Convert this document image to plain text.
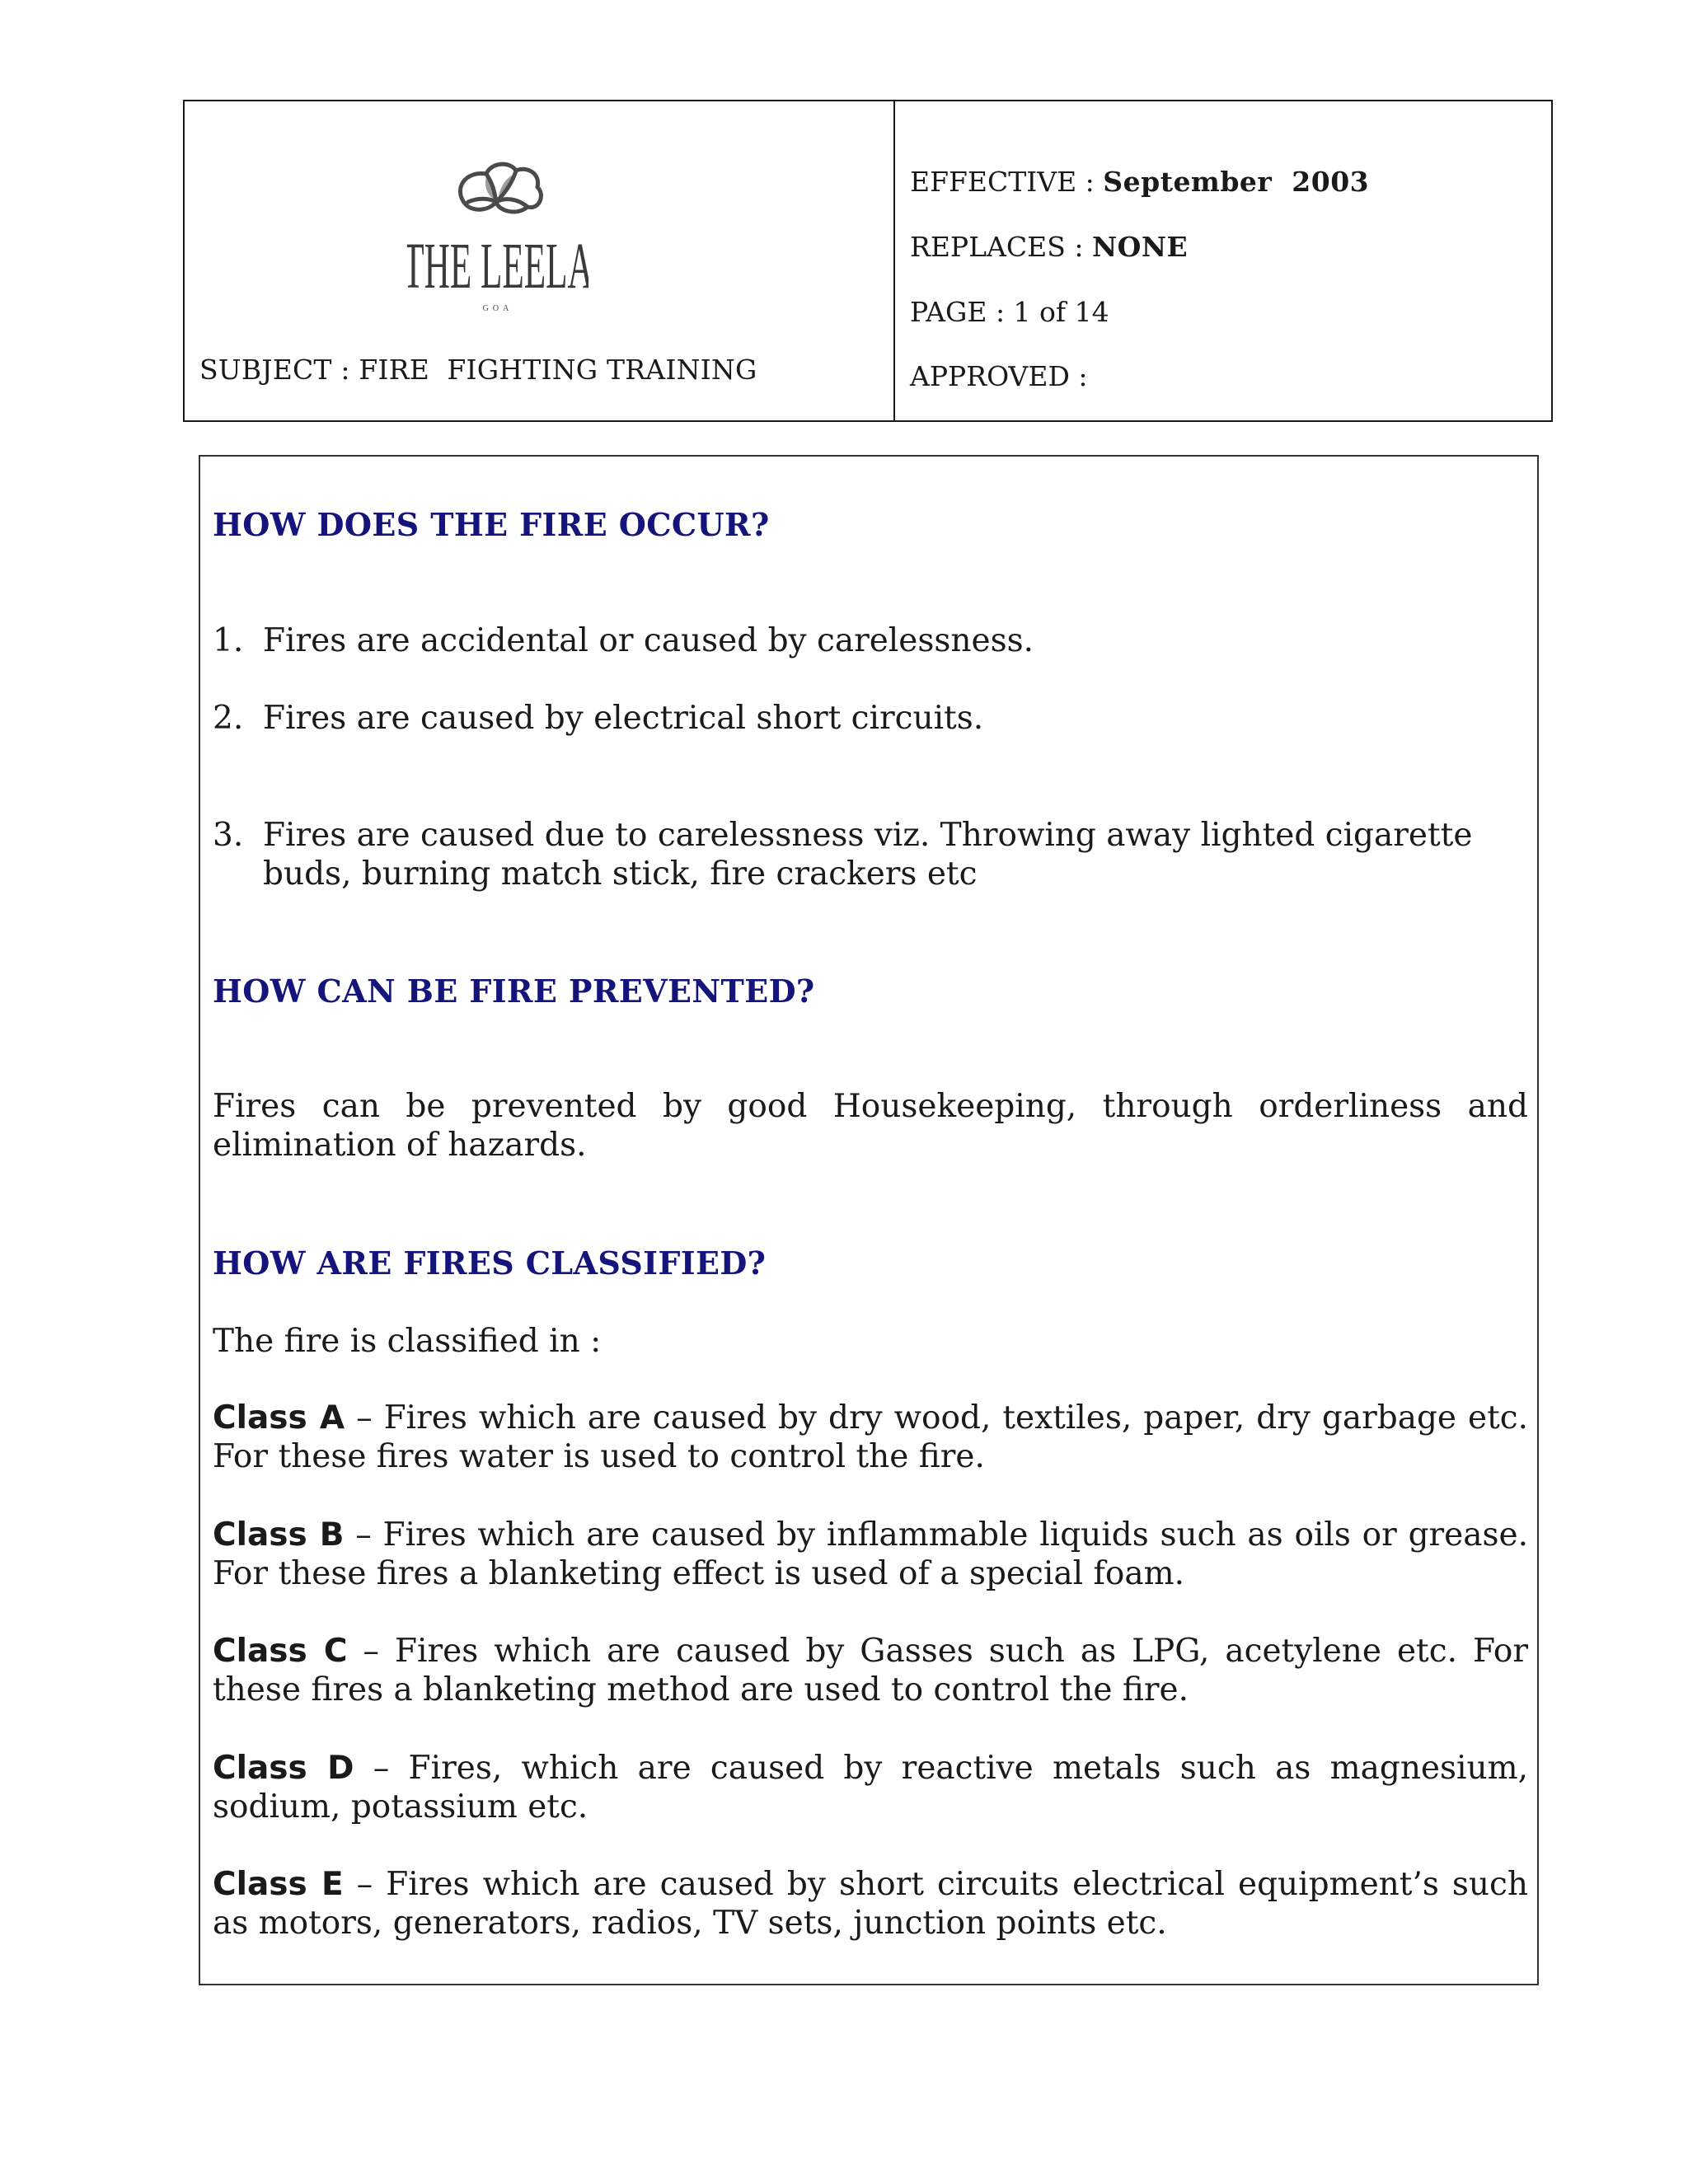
THE LEELA
GOA
SUBJECT : FIRE  FIGHTING TRAINING
EFFECTIVE : September  2003
REPLACES : NONE
PAGE : 1 of 14
APPROVED :
HOW DOES THE FIRE OCCUR?
1. Fires are accidental or caused by carelessness.
2. Fires are caused by electrical short circuits.
3. Fires are caused due to carelessness viz. Throwing away lighted cigarette buds, burning match stick, fire crackers etc
HOW CAN BE FIRE PREVENTED?
Fires can be prevented by good Housekeeping, through orderliness and elimination of hazards.
HOW ARE FIRES CLASSIFIED?
The fire is classified in :
Class A – Fires which are caused by dry wood, textiles, paper, dry garbage etc. For these fires water is used to control the fire.
Class B – Fires which are caused by inflammable liquids such as oils or grease. For these fires a blanketing effect is used of a special foam.
Class C – Fires which are caused by Gasses such as LPG, acetylene etc. For these fires a blanketing method are used to control the fire.
Class D – Fires, which are caused by reactive metals such as magnesium, sodium, potassium etc.
Class E – Fires which are caused by short circuits electrical equipment’s such as motors, generators, radios, TV sets, junction points etc.
